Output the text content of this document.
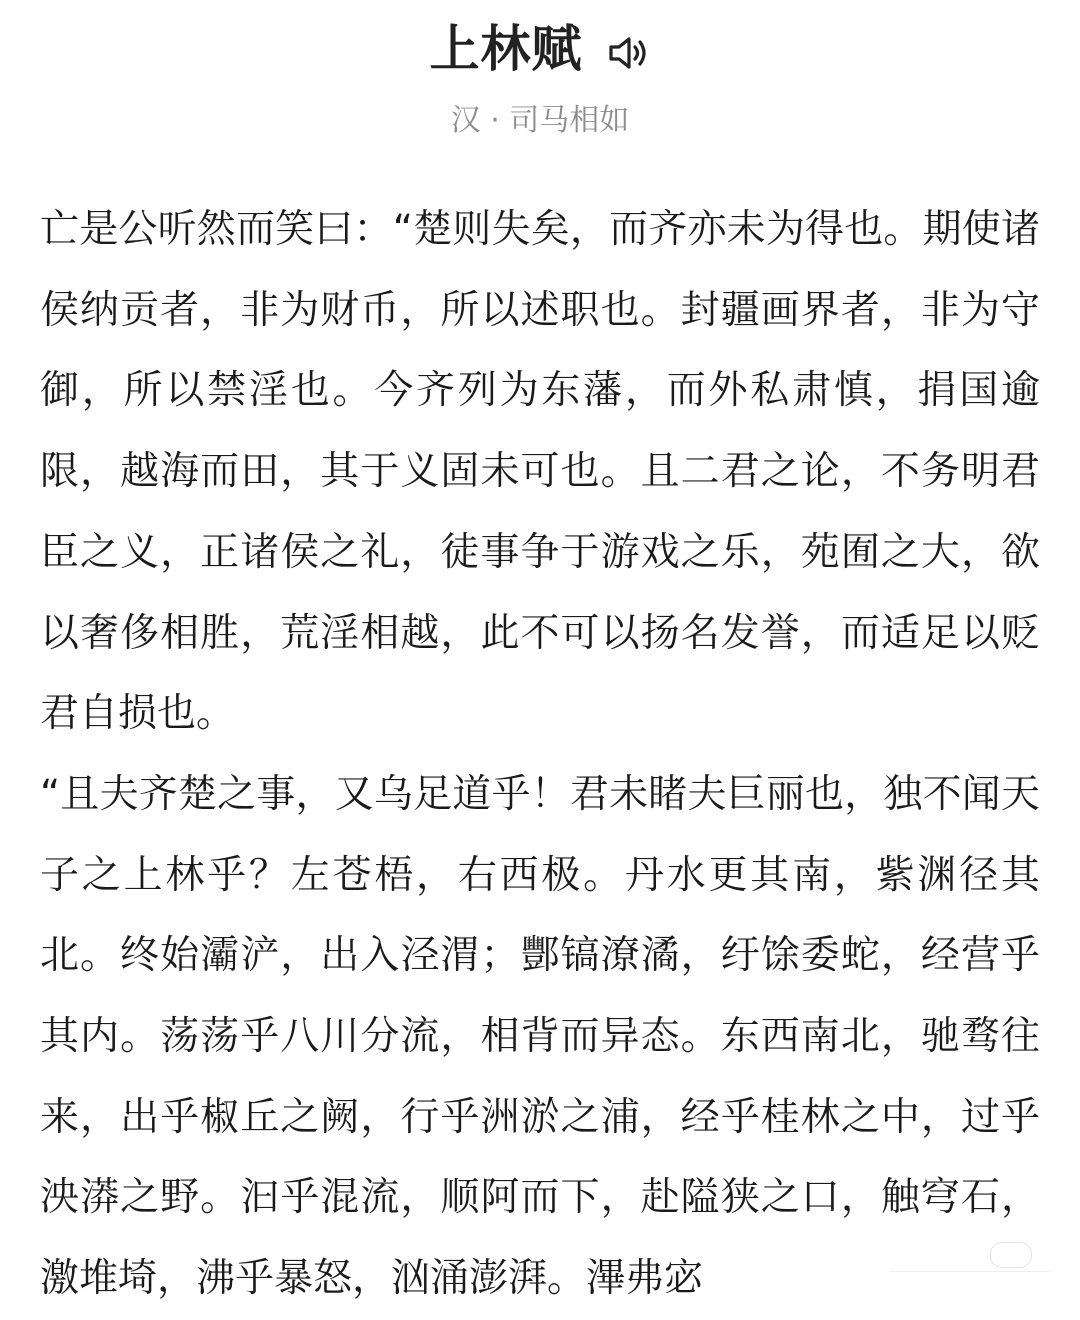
上林赋
汉 · 司马相如

亡是公听然而笑曰：“楚则失矣，而齐亦未为得也。期使诸侯纳贡者，非为财币，所以述职也。封疆画界者，非为守御，所以禁淫也。今齐列为东藩，而外私肃慎，捐国逾限，越海而田，其于义固未可也。且二君之论，不务明君臣之义，正诸侯之礼，徒事争于游戏之乐，苑囿之大，欲以奢侈相胜，荒淫相越，此不可以扬名发誉，而适足以贬君自损也。

“且夫齐楚之事，又乌足道乎！君未睹夫巨丽也，独不闻天子之上林乎？左苍梧，右西极。丹水更其南，紫渊径其北。终始灞浐，出入泾渭；酆镐潦潏，纡馀委蛇，经营乎其内。荡荡乎八川分流，相背而异态。东西南北，驰骛往来，出乎椒丘之阙，行乎洲淤之浦，经乎桂林之中，过乎泱漭之野。汩乎混流，顺阿而下，赴隘狭之口，触穹石，激堆埼，沸乎暴怒，汹涌澎湃。滭弗宓
